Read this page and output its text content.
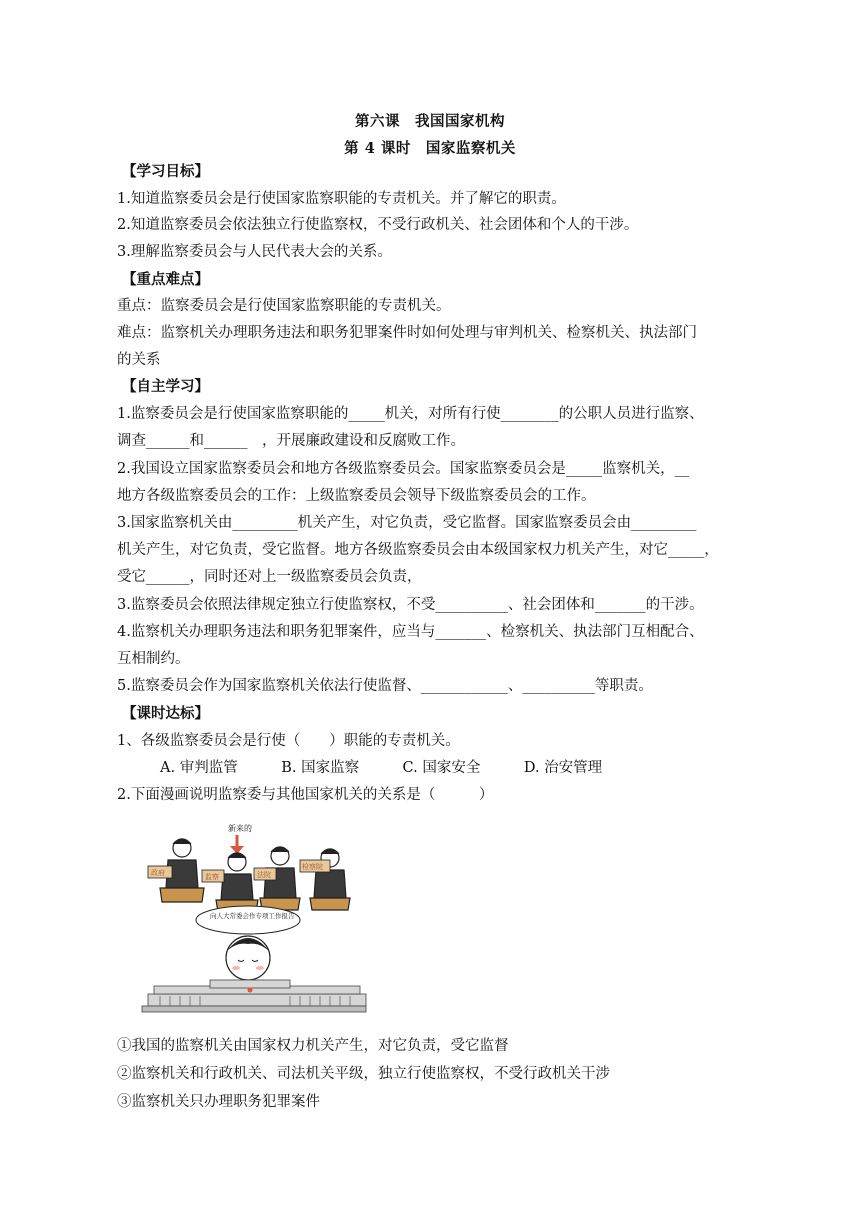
第六课　我国国家机构
第 4 课时　国家监察机关
【学习目标】
1.知道监察委员会是行使国家监察职能的专责机关。并了解它的职责。
2.知道监察委员会依法独立行使监察权，不受行政机关、社会团体和个人的干涉。
3.理解监察委员会与人民代表大会的关系。
【重点难点】
重点：监察委员会是行使国家监察职能的专责机关。
难点：监察机关办理职务违法和职务犯罪案件时如何处理与审判机关、检察机关、执法部门
的关系
【自主学习】
1.监察委员会是行使国家监察职能的_____机关，对所有行使________的公职人员进行监察、
调查______和______　，开展廉政建设和反腐败工作。
2.我国设立国家监察委员会和地方各级监察委员会。国家监察委员会是_____监察机关，__
地方各级监察委员会的工作：上级监察委员会领导下级监察委员会的工作。
3.国家监察机关由_________机关产生，对它负责，受它监督。国家监察委员会由_________
机关产生，对它负责，受它监督。地方各级监察委员会由本级国家权力机关产生，对它_____，
受它______，同时还对上一级监察委员会负责，
3.监察委员会依照法律规定独立行使监察权，不受__________、社会团体和_______的干涉。
4.监察机关办理职务违法和职务犯罪案件，应当与_______、检察机关、执法部门互相配合、
互相制约。
5.监察委员会作为国家监察机关依法行使监督、____________、__________等职责。
【课时达标】
1、各级监察委员会是行使（　　）职能的专责机关。
A. 审判监管　　　B. 国家监察　　　C. 国家安全　　　D. 治安管理
2.下面漫画说明监察委与其他国家机关的关系是（　　　）
新来的
政府	监察	法院
检察院
向人大常委会作专项工作报告
①我国的监察机关由国家权力机关产生，对它负责，受它监督
②监察机关和行政机关、司法机关平级，独立行使监察权，不受行政机关干涉
③监察机关只办理职务犯罪案件
